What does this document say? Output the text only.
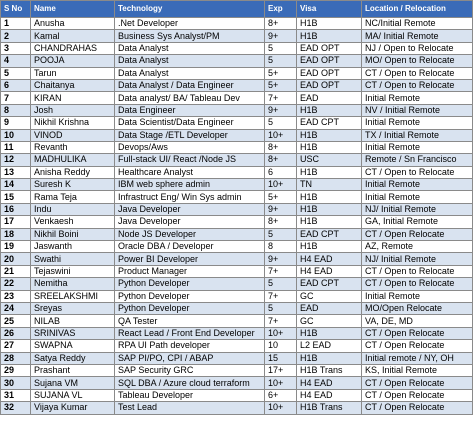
S No	Name	Technology	Exp	Visa	Location / Relocation
1	Anusha	.Net Developer	8+	H1B	NC/Initial Remote
2	Kamal	Business Sys Analyst/PM	9+	H1B	MA/ Initial Remote
3	CHANDRAHAS	Data Analyst	5	EAD OPT	NJ / Open to Relocate
4	POOJA	Data Analyst	5	EAD OPT	MO/ Open to Relocate
5	Tarun	Data Analyst	5+	EAD OPT	CT / Open to Relocate
6	Chaitanya	Data Analyst / Data Engineer	5+	EAD OPT	CT / Open to Relocate
7	KIRAN	Data analyst/ BA/ Tableau Dev	7+	EAD	Initial Remote
8	Josh	Data Engineer	9+	H1B	NV / Initial Remote
9	Nikhil Krishna	Data Scientist/Data Engineer	5	EAD CPT	Initial Remote
10	VINOD	Data Stage /ETL Developer	10+	H1B	TX / Initial Remote
11	Revanth	Devops/Aws	8+	H1B	Initial Remote
12	MADHULIKA	Full-stack UI/ React /Node JS	8+	USC	Remote / Sn Francisco
13	Anisha Reddy	Healthcare Analyst	6	H1B	CT / Open to Relocate
14	Suresh K	IBM web sphere admin	10+	TN	Initial Remote
15	Rama Teja	Infrastruct Eng/ Win Sys admin	5+	H1B	Initial Remote
16	Indu	Java Developer	9+	H1B	NJ/ Initial Remote
17	Venkaesh	Java Developer	8+	H1B	GA, Initial Remote
18	Nikhil Boini	Node JS Developer	5	EAD CPT	CT / Open Relocate
19	Jaswanth	Oracle DBA / Developer	8	H1B	AZ, Remote
20	Swathi	Power BI Developer	9+	H4 EAD	NJ/ Initial Remote
21	Tejaswini	Product Manager	7+	H4 EAD	CT / Open to Relocate
22	Nemitha	Python Developer	5	EAD CPT	CT / Open to Relocate
23	SREELAKSHMI	Python Developer	7+	GC	Initial Remote
24	Sreyas	Python Developer	5	EAD	MO/Open Relocate
25	NILAB	QA Tester	7+	GC	VA, DE, MD
26	SRINIVAS	React Lead / Front End Developer	10+	H1B	CT / Open Relocate
27	SWAPNA	RPA UI Path developer	10	L2 EAD	CT / Open Relocate
28	Satya Reddy	SAP PI/PO, CPI / ABAP	15	H1B	Initial remote / NY, OH
29	Prashant	SAP Security GRC	17+	H1B Trans	KS, Initial Remote
30	Sujana VM	SQL DBA / Azure cloud terraform	10+	H4 EAD	CT / Open Relocate
31	SUJANA VL	Tableau Developer	6+	H4 EAD	CT / Open Relocate
32	Vijaya Kumar	Test Lead	10+	H1B Trans	CT / Open Relocate
